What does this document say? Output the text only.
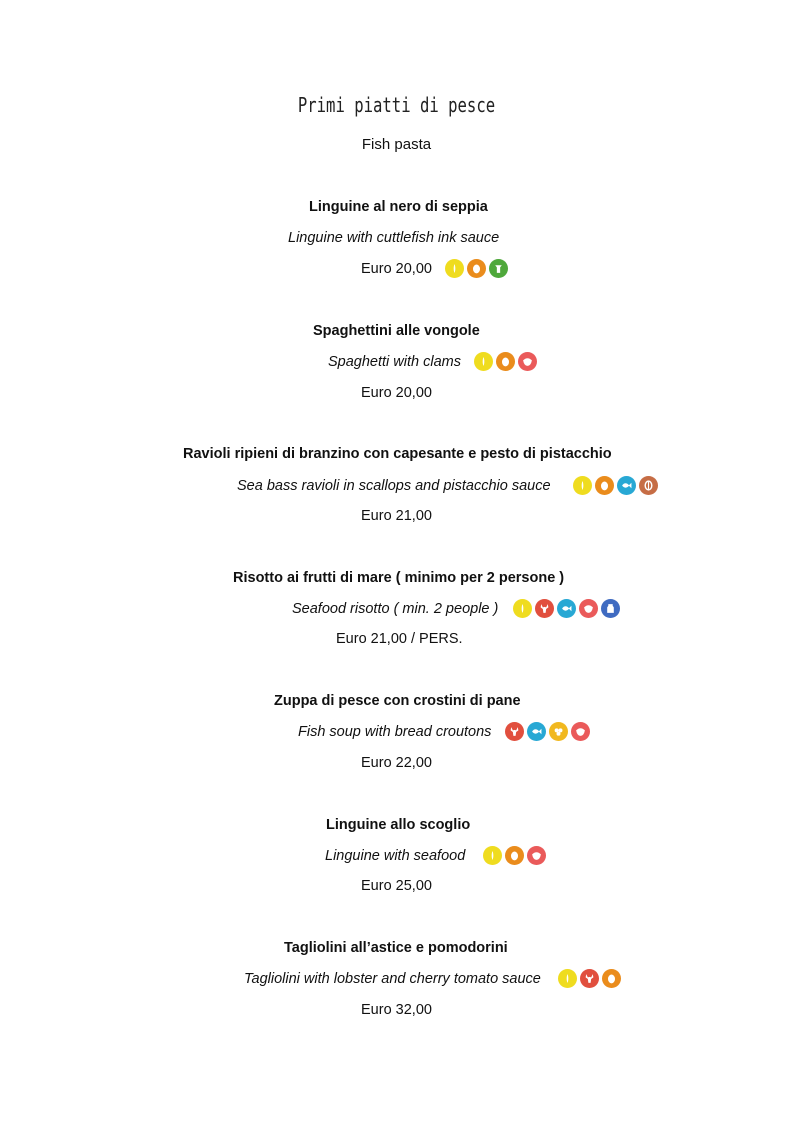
Primi piatti di pesce
Fish pasta
Linguine al nero di seppia
Linguine with cuttlefish ink sauce
Euro 20,00
Spaghettini alle vongole
Spaghetti with clams
Euro 20,00
Ravioli ripieni di branzino con capesante e pesto di pistacchio
Sea bass ravioli in scallops and pistacchio sauce
Euro 21,00
Risotto ai frutti di mare ( minimo per 2 persone )
Seafood risotto ( min. 2 people )
Euro 21,00 / PERS.
Zuppa di pesce con crostini di pane
Fish soup with bread croutons
Euro 22,00
Linguine allo scoglio
Linguine with seafood
Euro 25,00
Tagliolini all’astice e pomodorini
Tagliolini with lobster and cherry tomato sauce
Euro 32,00
